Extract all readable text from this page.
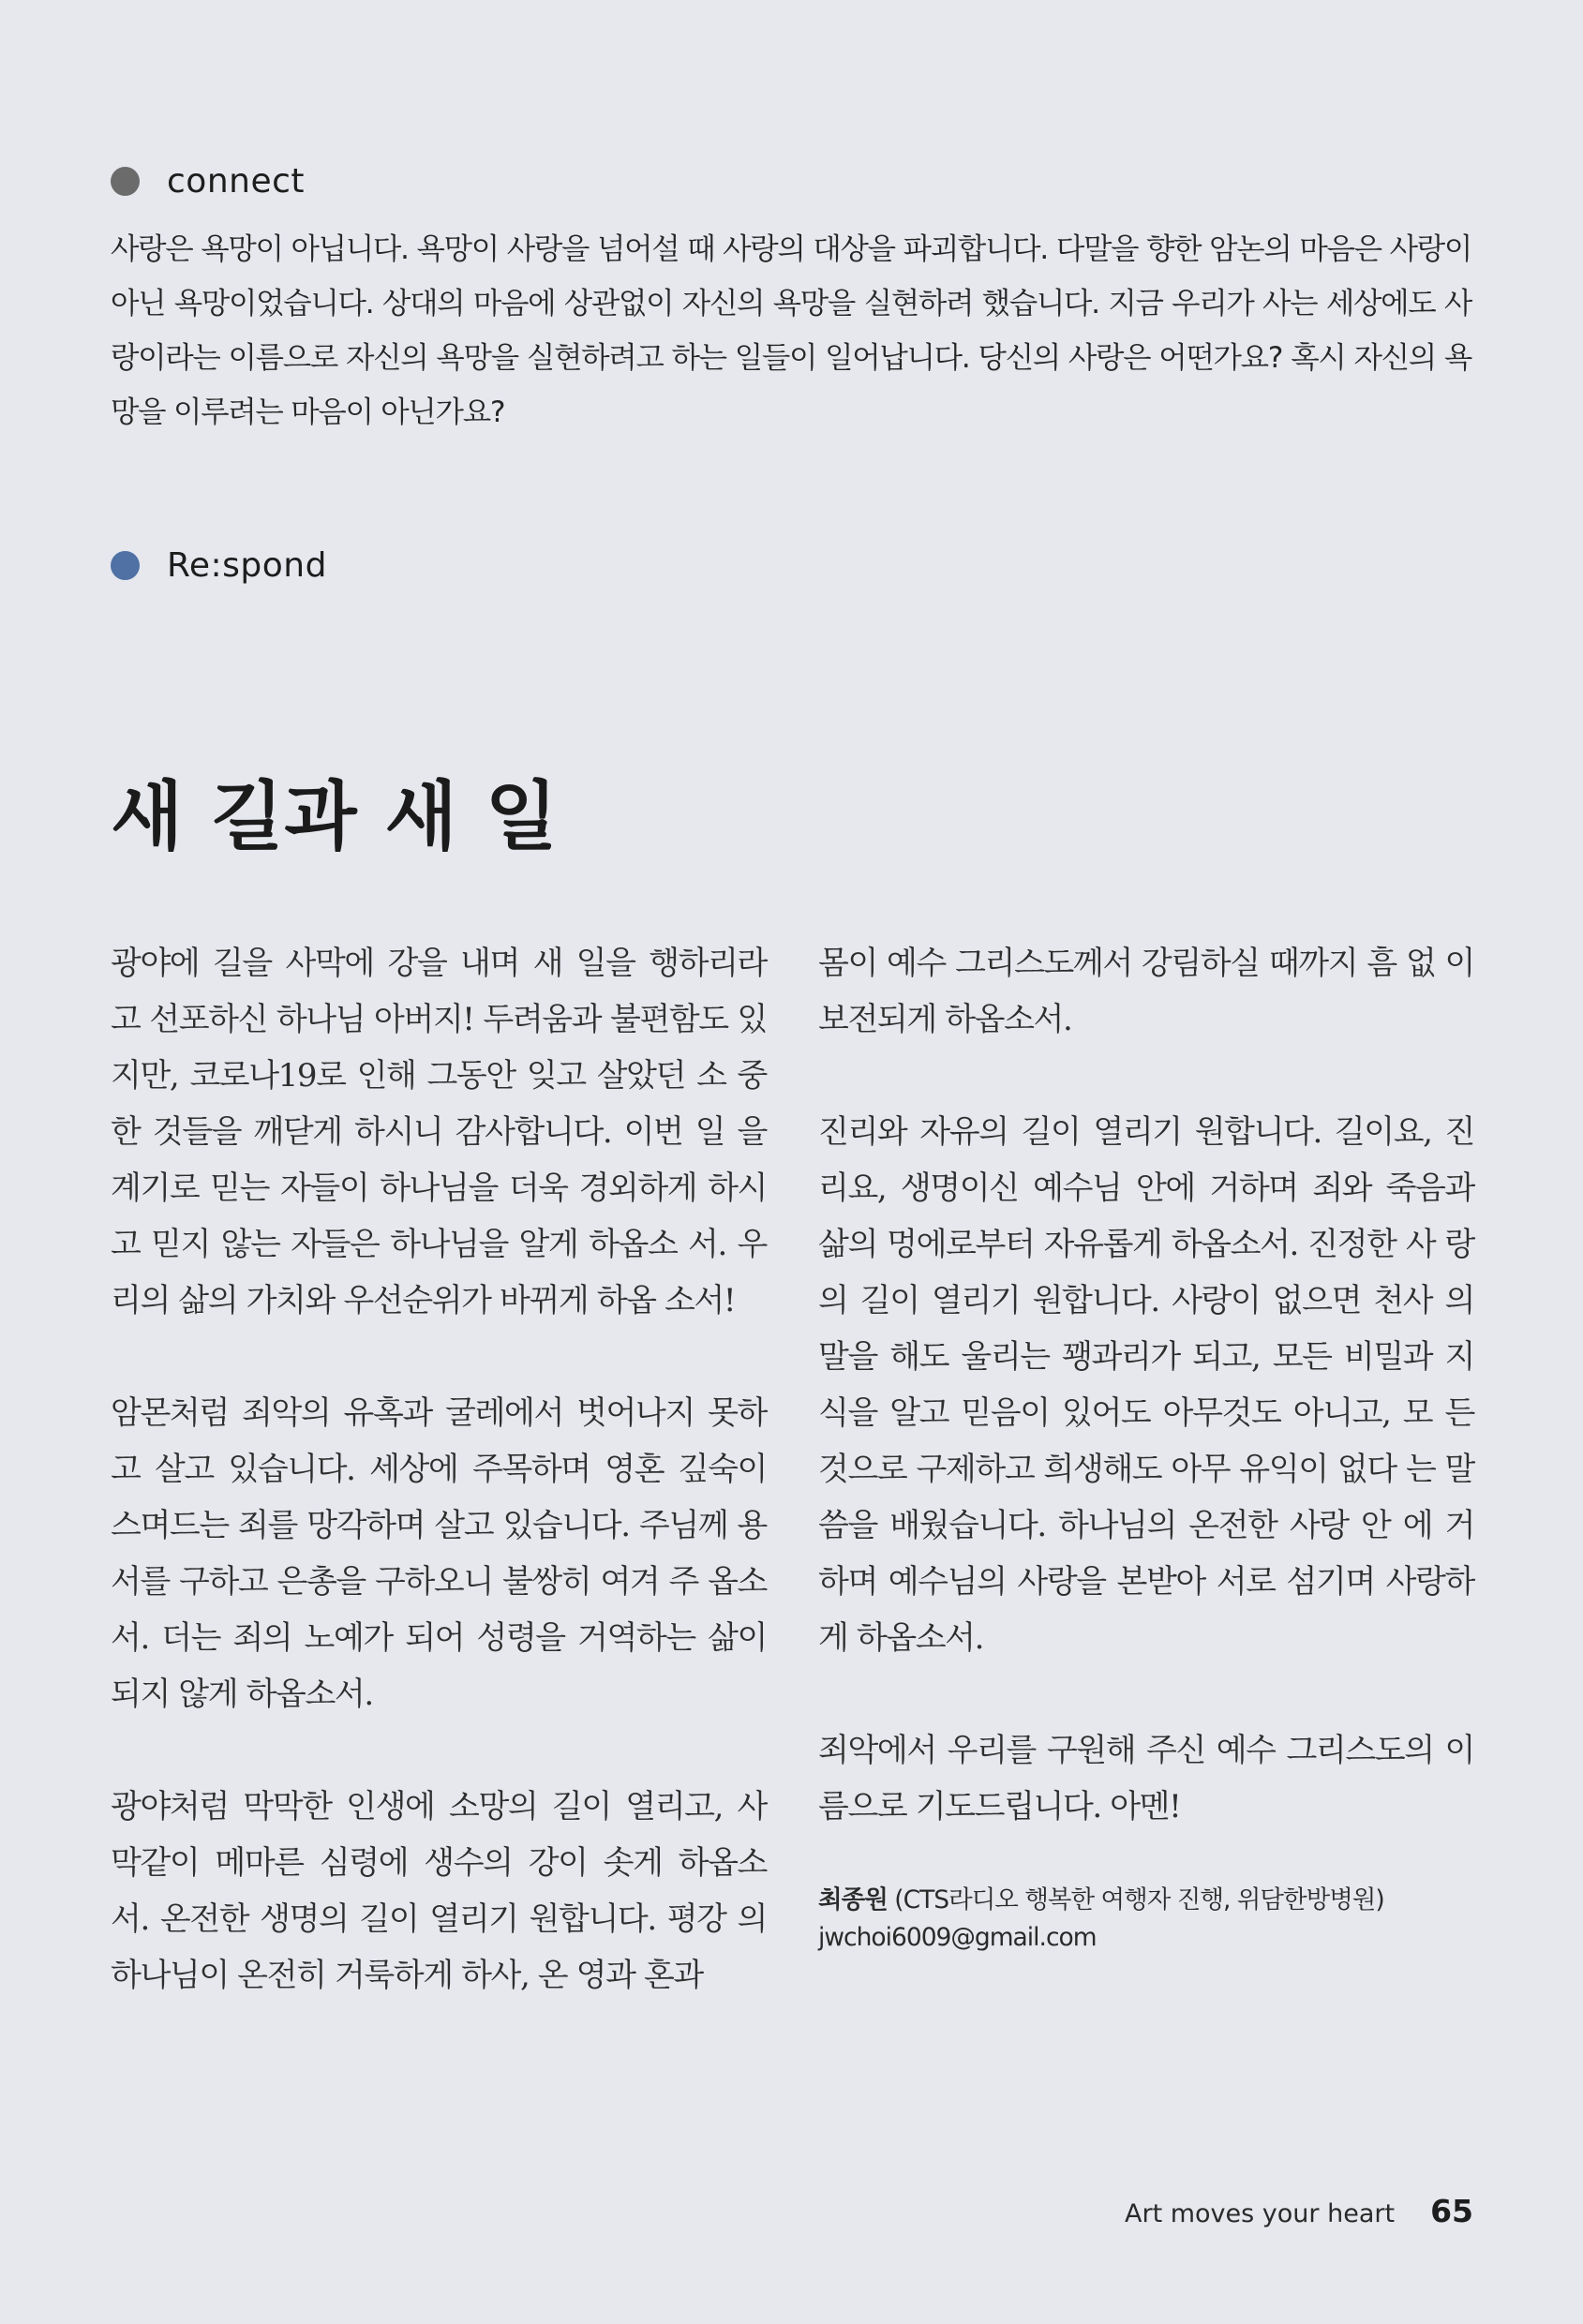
connect

사랑은 욕망이 아닙니다. 욕망이 사랑을 넘어설 때 사랑의 대상을 파괴합니다. 다말을 향한 암논의 마음은 사랑이 아닌 욕망이었습니다. 상대의 마음에 상관없이 자신의 욕망을 실현하려 했습니다. 지금 우리가 사는 세상에도 사랑이라는 이름으로 자신의 욕망을 실현하려고 하는 일들이 일어납니다. 당신의 사랑은 어떤가요? 혹시 자신의 욕망을 이루려는 마음이 아닌가요?

Re:spond
새 길과 새 일

광야에 길을 사막에 강을 내며 새 일을 행하리라 고 선포하신 하나님 아버지! 두려움과 불편함도 있지만, 코로나19로 인해 그동안 잊고 살았던 소 중한 것들을 깨닫게 하시니 감사합니다. 이번 일 을 계기로 믿는 자들이 하나님을 더욱 경외하게 하시고 믿지 않는 자들은 하나님을 알게 하옵소 서. 우리의 삶의 가치와 우선순위가 바뀌게 하옵 소서!

암몬처럼 죄악의 유혹과 굴레에서 벗어나지 못하 고 살고 있습니다. 세상에 주목하며 영혼 깊숙이 스며드는 죄를 망각하며 살고 있습니다. 주님께 용서를 구하고 은총을 구하오니 불쌍히 여겨 주 옵소서. 더는 죄의 노예가 되어 성령을 거역하는 삶이 되지 않게 하옵소서.

광야처럼 막막한 인생에 소망의 길이 열리고, 사 막같이 메마른 심령에 생수의 강이 솟게 하옵소 서. 온전한 생명의 길이 열리기 원합니다. 평강 의 하나님이 온전히 거룩하게 하사, 온 영과 혼과

몸이 예수 그리스도께서 강림하실 때까지 흠 없 이 보전되게 하옵소서.

진리와 자유의 길이 열리기 원합니다. 길이요, 진 리요, 생명이신 예수님 안에 거하며 죄와 죽음과 삶의 멍에로부터 자유롭게 하옵소서. 진정한 사 랑의 길이 열리기 원합니다. 사랑이 없으면 천사 의 말을 해도 울리는 꽹과리가 되고, 모든 비밀과 지식을 알고 믿음이 있어도 아무것도 아니고, 모 든 것으로 구제하고 희생해도 아무 유익이 없다 는 말씀을 배웠습니다. 하나님의 온전한 사랑 안 에 거하며 예수님의 사랑을 본받아 서로 섬기며 사랑하게 하옵소서.

죄악에서 우리를 구원해 주신 예수 그리스도의 이름으로 기도드립니다. 아멘!

최종원 (CTS라디오 행복한 여행자 진행, 위담한방병원)
jwchoi6009@gmail.com
Art moves your heart 65
